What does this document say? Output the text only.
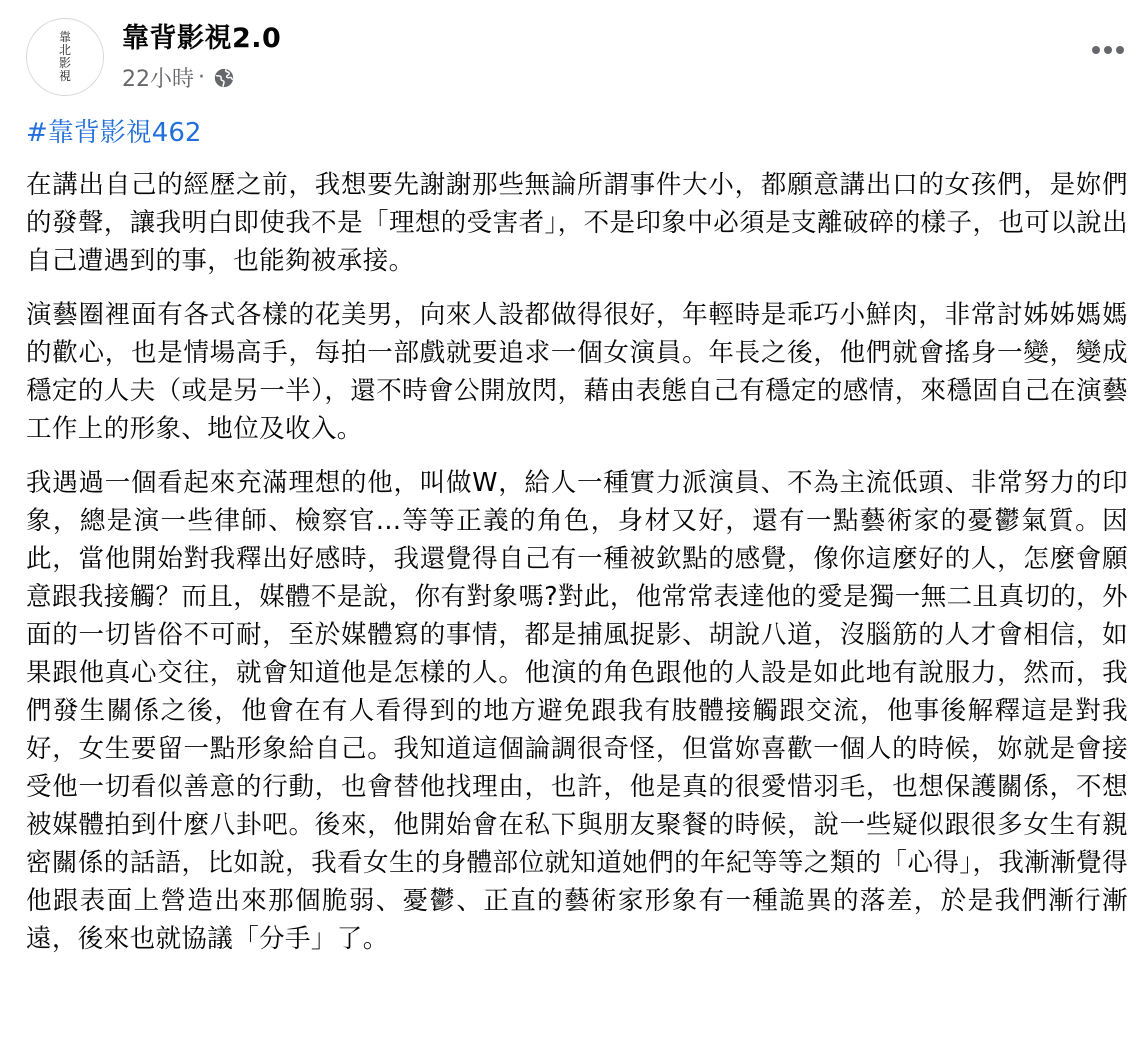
靠
北
影
視
靠背影視2.0
22小時 ·
#靠背影視462

在講出自己的經歷之前，我想要先謝謝那些無論所謂事件大小，都願意講出口的女孩們，是妳們的發聲，讓我明白即使我不是「理想的受害者」，不是印象中必須是支離破碎的樣子，也可以說出自己遭遇到的事，也能夠被承接。

演藝圈裡面有各式各樣的花美男，向來人設都做得很好，年輕時是乖巧小鮮肉，非常討姊姊媽媽的歡心，也是情場高手，每拍一部戲就要追求一個女演員。年長之後，他們就會搖身一變，變成穩定的人夫（或是另一半），還不時會公開放閃，藉由表態自己有穩定的感情，來穩固自己在演藝工作上的形象、地位及收入。

我遇過一個看起來充滿理想的他，叫做W，給人一種實力派演員、不為主流低頭、非常努力的印象，總是演一些律師、檢察官...等等正義的角色，身材又好，還有一點藝術家的憂鬱氣質。因此，當他開始對我釋出好感時，我還覺得自己有一種被欽點的感覺，像你這麼好的人，怎麼會願意跟我接觸？而且，媒體不是說，你有對象嗎?對此，他常常表達他的愛是獨一無二且真切的，外面的一切皆俗不可耐，至於媒體寫的事情，都是捕風捉影、胡說八道，沒腦筋的人才會相信，如果跟他真心交往，就會知道他是怎樣的人。他演的角色跟他的人設是如此地有說服力，然而，我們發生關係之後，他會在有人看得到的地方避免跟我有肢體接觸跟交流，他事後解釋這是對我好，女生要留一點形象給自己。我知道這個論調很奇怪，但當妳喜歡一個人的時候，妳就是會接受他一切看似善意的行動，也會替他找理由，也許，他是真的很愛惜羽毛，也想保護關係，不想被媒體拍到什麼八卦吧。後來，他開始會在私下與朋友聚餐的時候，說一些疑似跟很多女生有親密關係的話語，比如說，我看女生的身體部位就知道她們的年紀等等之類的「心得」，我漸漸覺得他跟表面上營造出來那個脆弱、憂鬱、正直的藝術家形象有一種詭異的落差，於是我們漸行漸遠，後來也就協議「分手」了。
